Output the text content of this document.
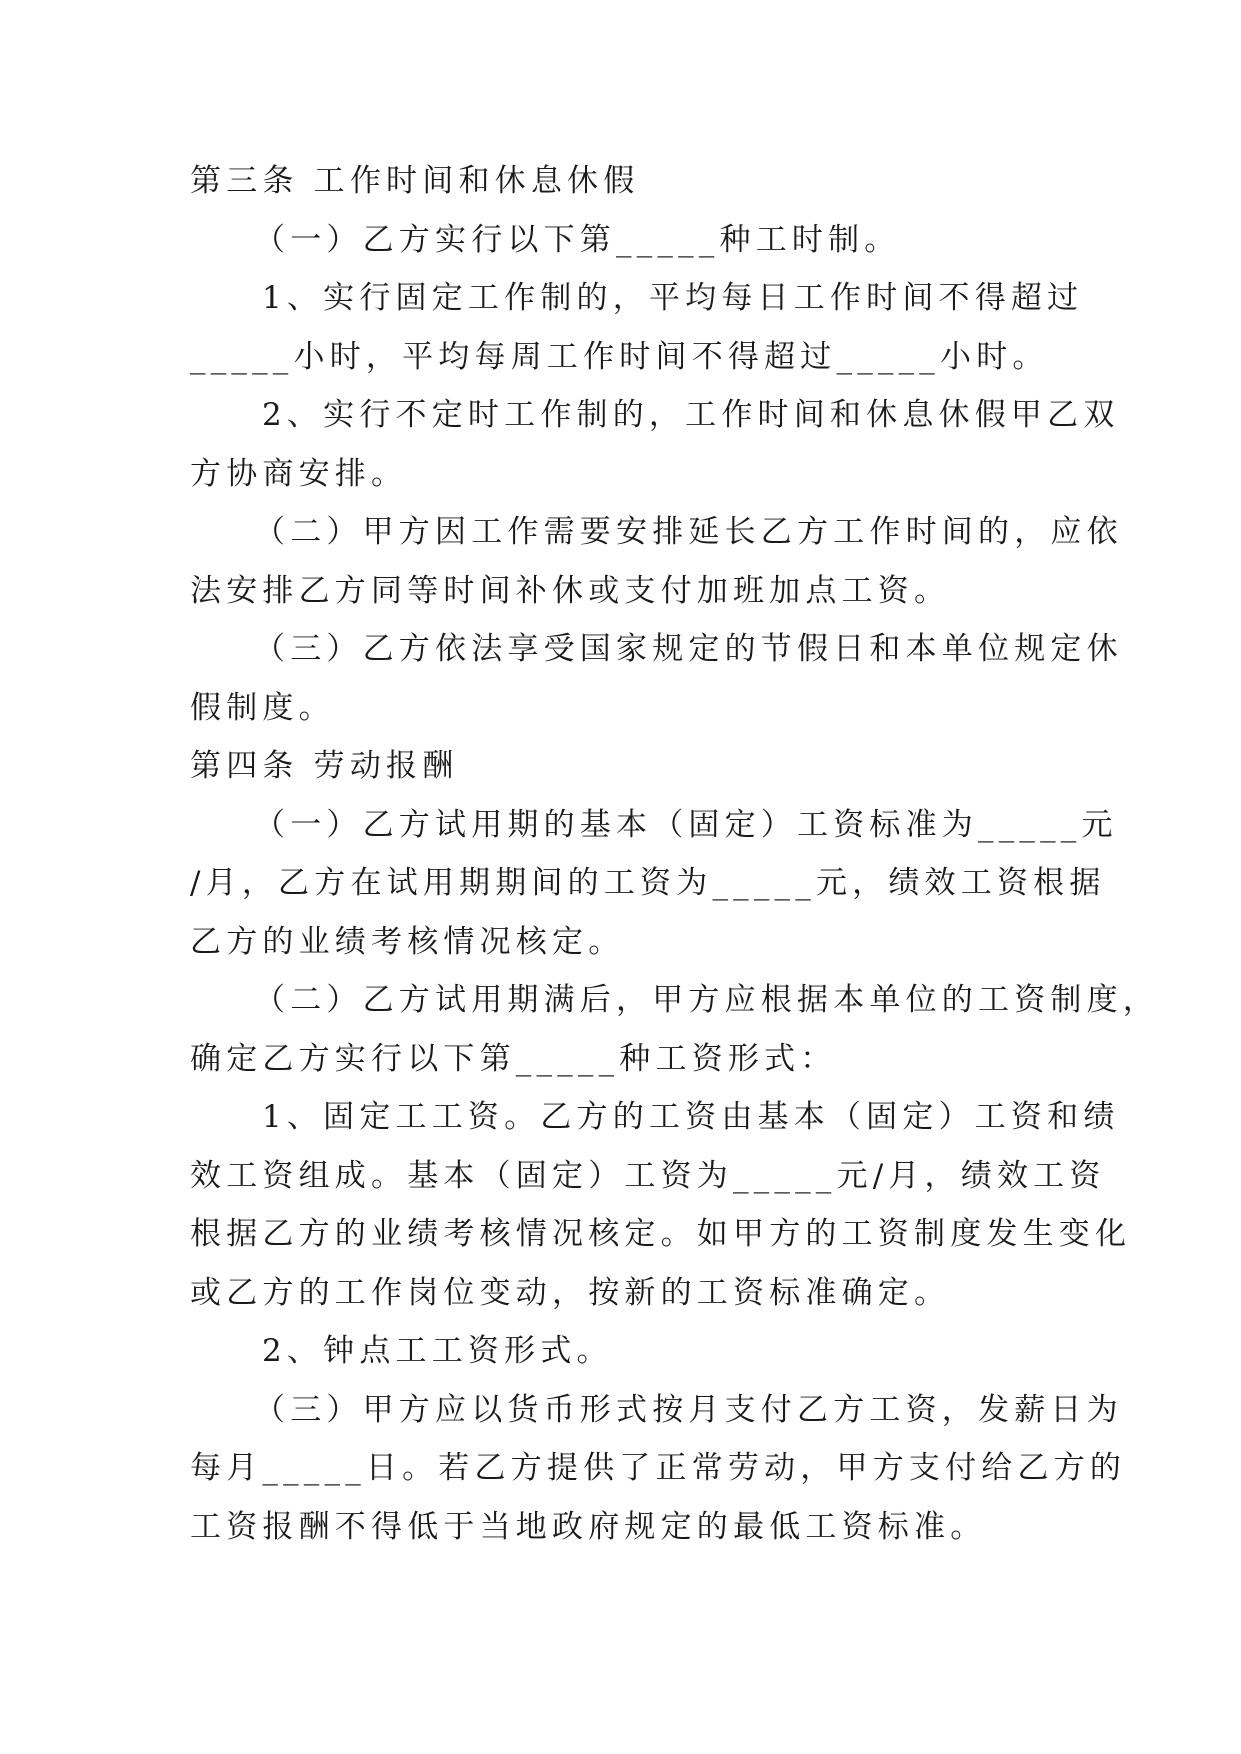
第三条 工作时间和休息休假
（一）乙方实行以下第_____种工时制。
1、实行固定工作制的，平均每日工作时间不得超过
_____小时，平均每周工作时间不得超过_____小时。
2、实行不定时工作制的，工作时间和休息休假甲乙双
方协商安排。
（二）甲方因工作需要安排延长乙方工作时间的，应依
法安排乙方同等时间补休或支付加班加点工资。
（三）乙方依法享受国家规定的节假日和本单位规定休
假制度。
第四条 劳动报酬
（一）乙方试用期的基本（固定）工资标准为_____元
/月，乙方在试用期期间的工资为_____元，绩效工资根据
乙方的业绩考核情况核定。
（二）乙方试用期满后，甲方应根据本单位的工资制度，
确定乙方实行以下第_____种工资形式：
1、固定工工资。乙方的工资由基本（固定）工资和绩
效工资组成。基本（固定）工资为_____元/月，绩效工资
根据乙方的业绩考核情况核定。如甲方的工资制度发生变化
或乙方的工作岗位变动，按新的工资标准确定。
2、钟点工工资形式。
（三）甲方应以货币形式按月支付乙方工资，发薪日为
每月_____日。若乙方提供了正常劳动，甲方支付给乙方的
工资报酬不得低于当地政府规定的最低工资标准。
